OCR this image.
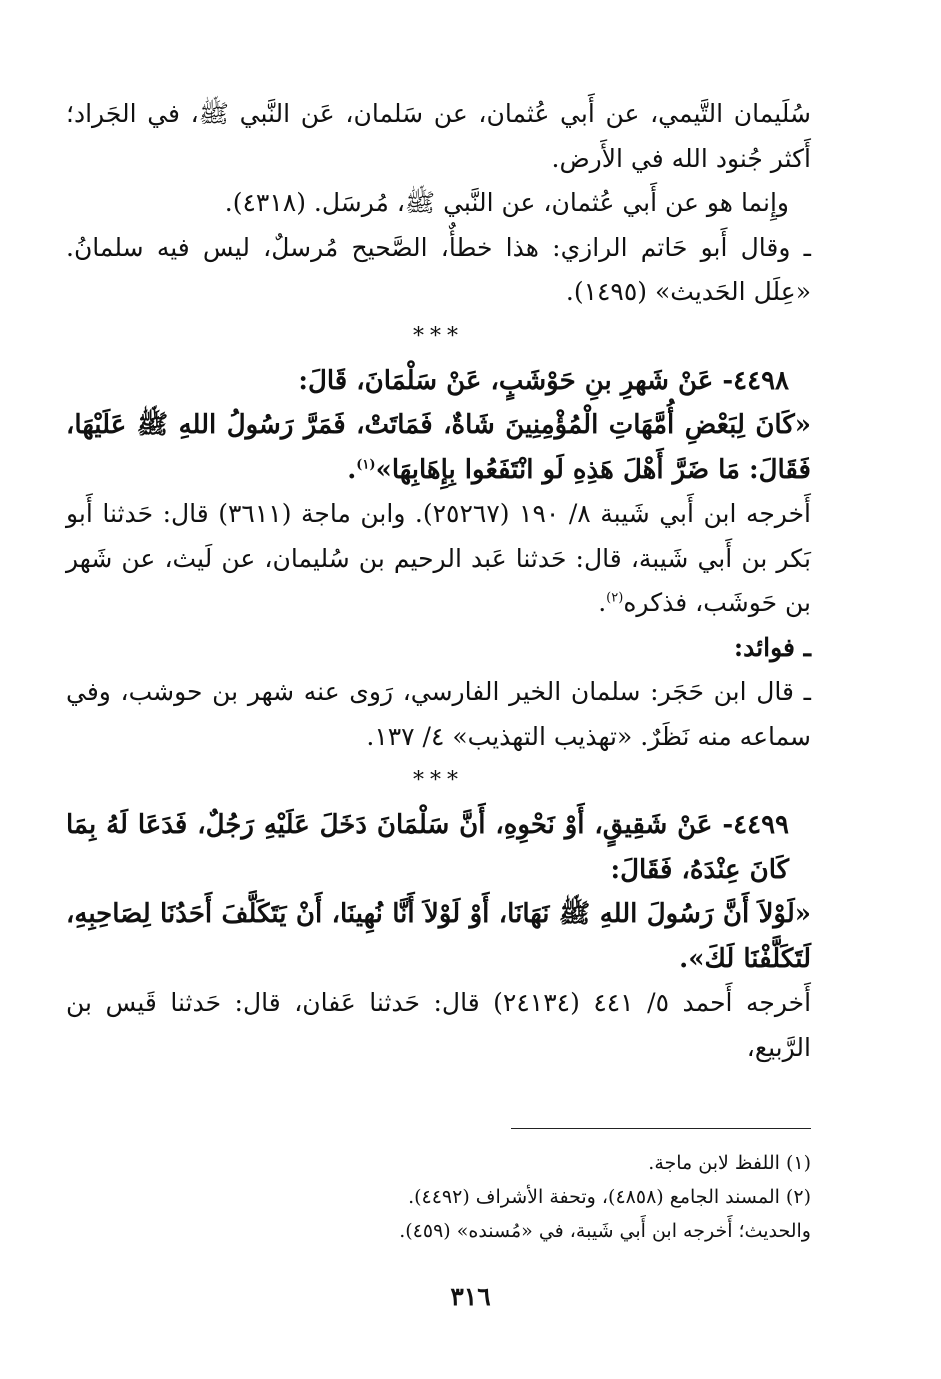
سُلَيمان التَّيمي، عن أَبي عُثمان، عن سَلمان، عَن النَّبي ﷺ، في الجَراد؛ أَكثر جُنود الله في الأَرض.

وإِنما هو عن أَبي عُثمان، عن النَّبي ﷺ، مُرسَل. (٤٣١٨).

ـ وقال أَبو حَاتم الرازي: هذا خطأٌ، الصَّحيح مُرسلٌ، ليس فيه سلمانُ. «عِلَل الحَديث» (١٤٩٥).

***

٤٤٩٨- عَنْ شَهرِ بنِ حَوْشَبٍ، عَنْ سَلْمَانَ، قَالَ:

«كَانَ لِبَعْضِ أُمَّهَاتِ الْمُؤْمِنِينَ شَاةٌ، فَمَاتَتْ، فَمَرَّ رَسُولُ اللهِ ﷺ عَلَيْهَا، فَقَالَ: مَا ضَرَّ أَهْلَ هَذِهِ لَو انْتَفَعُوا بِإِهَابِهَا»$^{(١)}$.

أَخرجه ابن أَبي شَيبة ٨/ ١٩٠ (٢٥٢٦٧). وابن ماجة (٣٦١١) قال: حَدثنا أَبو بَكر بن أَبي شَيبة، قال: حَدثنا عَبد الرحيم بن سُليمان، عن لَيث، عن شَهر بن حَوشَب، فذكره$^{(٢)}$.

ـ فوائد:

ـ قال ابن حَجَر: سلمان الخير الفارسي، رَوى عنه شهر بن حوشب، وفي سماعه منه نَظَرٌ. «تهذيب التهذيب» ٤/ ١٣٧.

***

٤٤٩٩- عَنْ شَقِيقٍ، أَوْ نَحْوِهِ، أَنَّ سَلْمَانَ دَخَلَ عَلَيْهِ رَجُلٌ، فَدَعَا لَهُ بِمَا كَانَ عِنْدَهُ، فَقَالَ:

«لَوْلاَ أَنَّ رَسُولَ اللهِ ﷺ نَهَانَا، أَوْ لَوْلاَ أَنَّا نُهِينَا، أَنْ يَتَكَلَّفَ أَحَدُنَا لِصَاحِبِهِ، لَتَكَلَّفْنَا لَكَ».

أَخرجه أَحمد ٥/ ٤٤١ (٢٤١٣٤) قال: حَدثنا عَفان، قال: حَدثنا قَيس بن الرَّبيع،

(١) اللفظ لابن ماجة.

(٢) المسند الجامع (٤٨٥٨)، وتحفة الأشراف (٤٤٩٢).

والحديث؛ أَخرجه ابن أَبي شَيبة، في «مُسنده» (٤٥٩).

٣١٦
